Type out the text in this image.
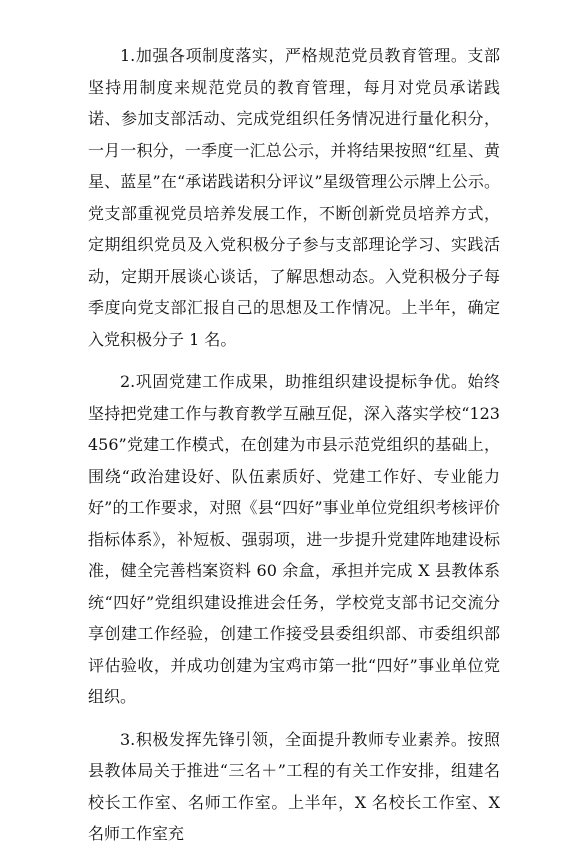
1.加强各项制度落实，严格规范党员教育管理。支部坚持用制度来规范党员的教育管理，每月对党员承诺践诺、参加支部活动、完成党组织任务情况进行量化积分，一月一积分，一季度一汇总公示，并将结果按照“红星、黄星、蓝星”在“承诺践诺积分评议”星级管理公示牌上公示。党支部重视党员培养发展工作，不断创新党员培养方式，定期组织党员及入党积极分子参与支部理论学习、实践活动，定期开展谈心谈话，了解思想动态。入党积极分子每季度向党支部汇报自己的思想及工作情况。上半年，确定入党积极分子 1 名。

2.巩固党建工作成果，助推组织建设提标争优。始终坚持把党建工作与教育教学互融互促，深入落实学校“123456”党建工作模式，在创建为市县示范党组织的基础上，围绕“政治建设好、队伍素质好、党建工作好、专业能力好”的工作要求，对照《县“四好”事业单位党组织考核评价指标体系》，补短板、强弱项，进一步提升党建阵地建设标准，健全完善档案资料 60 余盒，承担并完成 X 县教体系统“四好”党组织建设推进会任务，学校党支部书记交流分享创建工作经验，创建工作接受县委组织部、市委组织部评估验收，并成功创建为宝鸡市第一批“四好”事业单位党组织。

3.积极发挥先锋引领，全面提升教师专业素养。按照县教体局关于推进“三名＋”工程的有关工作安排，组建名校长工作室、名师工作室。上半年，X 名校长工作室、X 名师工作室充
